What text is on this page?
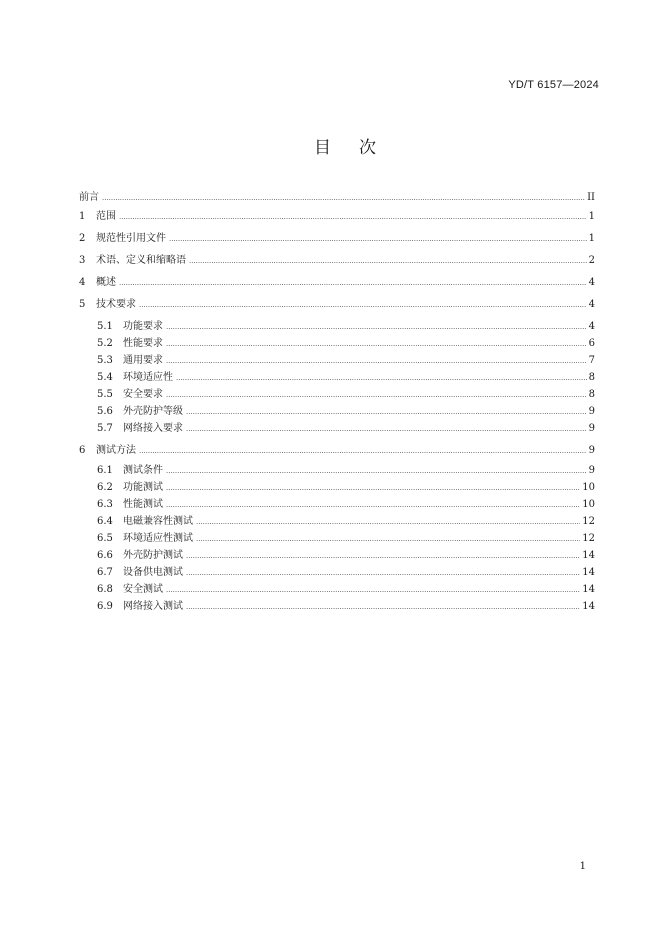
YD/T 6157—2024
目次
前言 .....	II
1	范围 .....	1
2	规范性引用文件 .....	1
3	术语、定义和缩略语 .....	2
4	概述 .....	4
5	技术要求 .....	4
5.1	功能要求 .....	4
5.2	性能要求 .....	6
5.3	通用要求 .....	7
5.4	环境适应性 .....	8
5.5	安全要求 .....	8
5.6	外壳防护等级 .....	9
5.7	网络接入要求 .....	9
6	测试方法 .....	9
6.1	测试条件 .....	9
6.2	功能测试 .....	10
6.3	性能测试 .....	10
6.4	电磁兼容性测试 .....	12
6.5	环境适应性测试 .....	12
6.6	外壳防护测试 .....	14
6.7	设备供电测试 .....	14
6.8	安全测试 .....	14
6.9	网络接入测试 .....	14
1
